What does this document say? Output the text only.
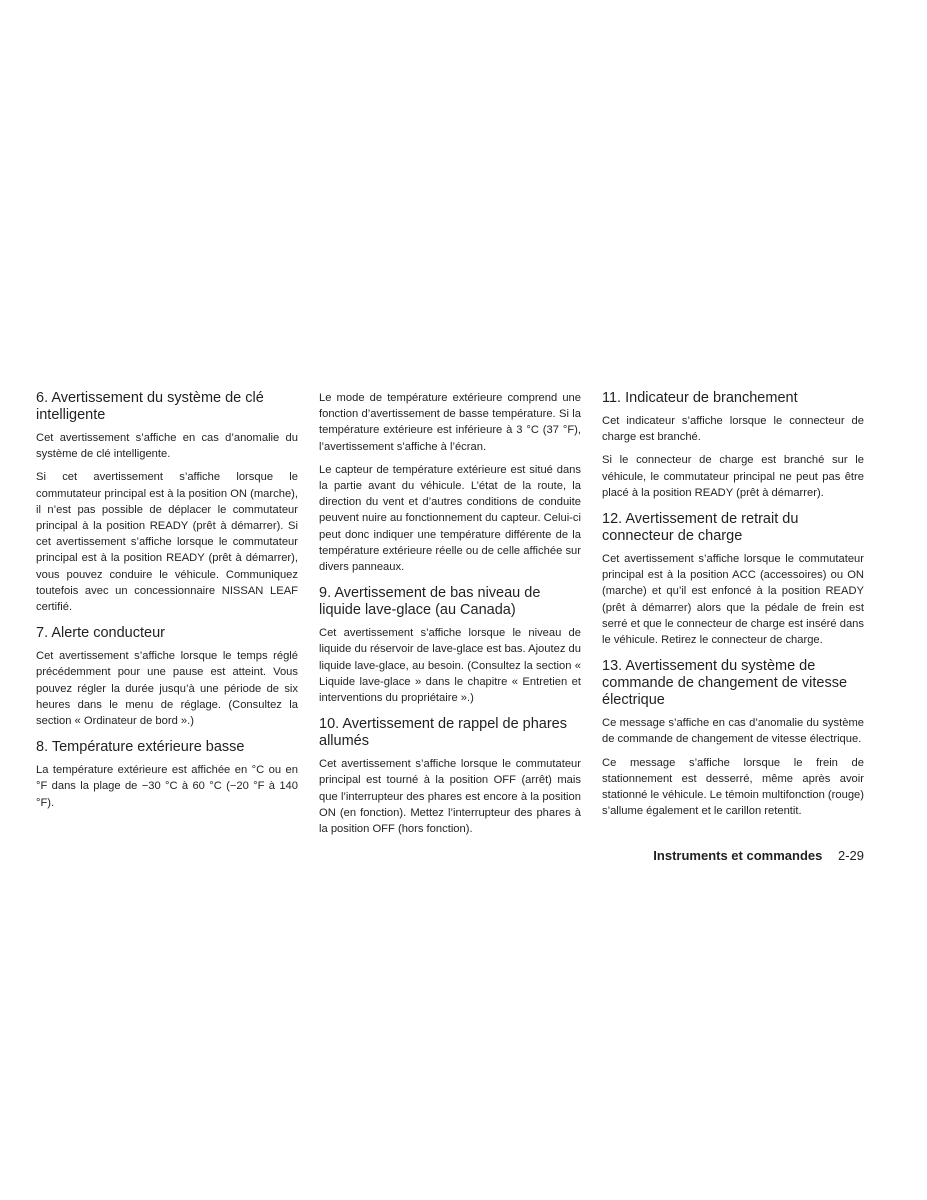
6. Avertissement du système de clé intelligente

Cet avertissement s’affiche en cas d’anomalie du système de clé intelligente.

Si cet avertissement s’affiche lorsque le commutateur principal est à la position ON (marche), il n’est pas possible de déplacer le commutateur principal à la position READY (prêt à démarrer). Si cet avertissement s’affiche lorsque le commutateur principal est à la position READY (prêt à démarrer), vous pouvez conduire le véhicule. Communiquez toutefois avec un concessionnaire NISSAN LEAF certifié.

7. Alerte conducteur

Cet avertissement s’affiche lorsque le temps réglé précédemment pour une pause est atteint. Vous pouvez régler la durée jusqu’à une période de six heures dans le menu de réglage. (Consultez la section « Ordinateur de bord ».)

8. Température extérieure basse

La température extérieure est affichée en °C ou en °F dans la plage de −30 °C à 60 °C (−20 °F à 140 °F).

Le mode de température extérieure comprend une fonction d’avertissement de basse température. Si la température extérieure est inférieure à 3 °C (37 °F), l’avertissement s’affiche à l’écran.

Le capteur de température extérieure est situé dans la partie avant du véhicule. L’état de la route, la direction du vent et d’autres conditions de conduite peuvent nuire au fonctionnement du capteur. Celui-ci peut donc indiquer une température différente de la température extérieure réelle ou de celle affichée sur divers panneaux.

9. Avertissement de bas niveau de liquide lave-glace (au Canada)

Cet avertissement s’affiche lorsque le niveau de liquide du réservoir de lave-glace est bas. Ajoutez du liquide lave-glace, au besoin. (Consultez la section « Liquide lave-glace » dans le chapitre « Entretien et interventions du propriétaire ».)

10. Avertissement de rappel de phares allumés

Cet avertissement s’affiche lorsque le commutateur principal est tourné à la position OFF (arrêt) mais que l’interrupteur des phares est encore à la position ON (en fonction). Mettez l’interrupteur des phares à la position OFF (hors fonction).

11. Indicateur de branchement

Cet indicateur s’affiche lorsque le connecteur de charge est branché.

Si le connecteur de charge est branché sur le véhicule, le commutateur principal ne peut pas être placé à la position READY (prêt à démarrer).

12. Avertissement de retrait du connecteur de charge

Cet avertissement s’affiche lorsque le commutateur principal est à la position ACC (accessoires) ou ON (marche) et qu’il est enfoncé à la position READY (prêt à démarrer) alors que la pédale de frein est serré et que le connecteur de charge est inséré dans le véhicule. Retirez le connecteur de charge.

13. Avertissement du système de commande de changement de vitesse électrique

Ce message s’affiche en cas d’anomalie du système de commande de changement de vitesse électrique.

Ce message s’affiche lorsque le frein de stationnement est desserré, même après avoir stationné le véhicule. Le témoin multifonction (rouge) s’allume également et le carillon retentit.

Instruments et commandes 2-29
